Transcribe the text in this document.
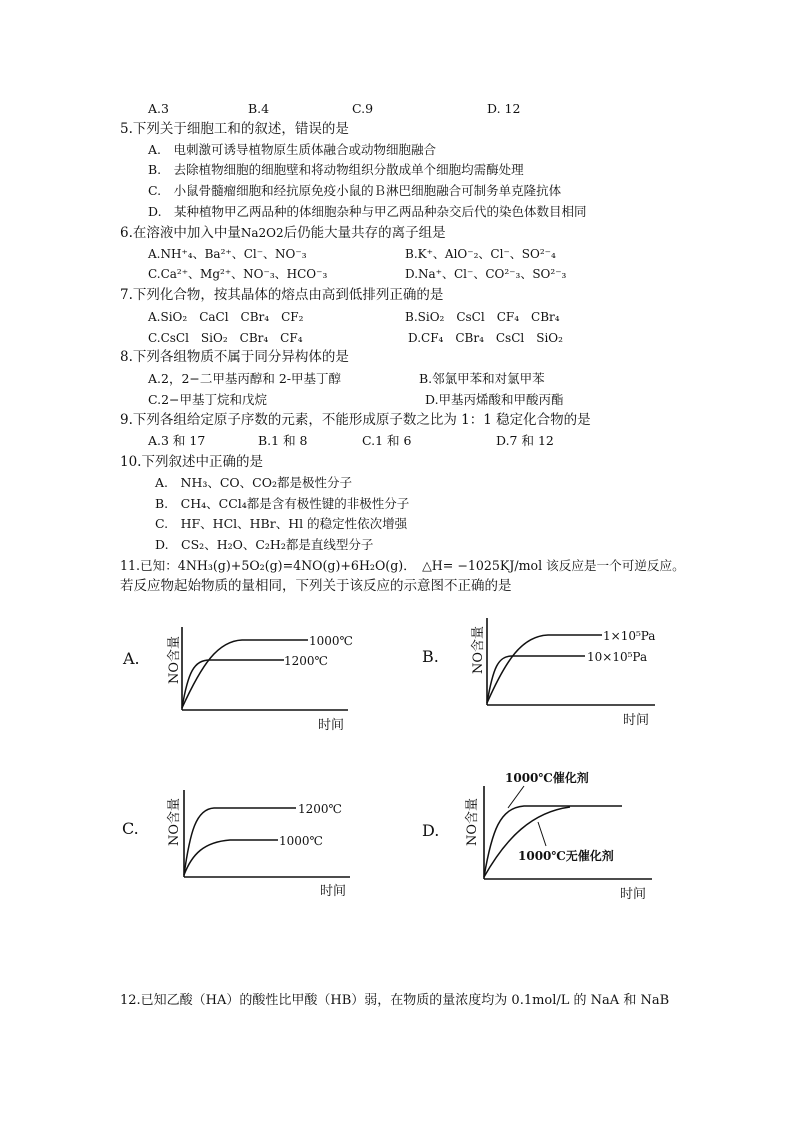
A.3	B.4	C.9	D. 12
5.下列关于细胞工和的叙述，错误的是
A.　电刺激可诱导植物原生质体融合或动物细胞融合
B.　去除植物细胞的细胞壁和将动物组织分散成单个细胞均需酶处理
C.　小鼠骨髓瘤细胞和经抗原免疫小鼠的Ｂ淋巴细胞融合可制务单克隆抗体
D.　某种植物甲乙两品种的体细胞杂种与甲乙两品种杂交后代的染色体数目相同
6.在溶液中加入中量Na2O2后仍能大量共存的离子组是
A.NH⁺₄、Ba²⁺、Cl⁻、NO⁻₃	B.K⁺、AlO⁻₂、Cl⁻、SO²⁻₄
C.Ca²⁺、Mg²⁺、NO⁻₃、HCO⁻₃	D.Na⁺、Cl⁻、CO²⁻₃、SO²⁻₃
7.下列化合物，按其晶体的熔点由高到低排列正确的是
A.SiO₂　CaCl　CBr₄　CF₂	B.SiO₂　CsCl　CF₄　CBr₄
C.CsCl　SiO₂　CBr₄　CF₄	D.CF₄　CBr₄　CsCl　SiO₂
8.下列各组物质不属于同分异构体的是
A.2，2−二甲基丙醇和 2-甲基丁醇	B.邻氯甲苯和对氯甲苯
C.2−甲基丁烷和戊烷	D.甲基丙烯酸和甲酸丙酯
9.下列各组给定原子序数的元素，不能形成原子数之比为 1：1 稳定化合物的是
A.3 和 17	B.1 和 8	C.1 和 6	D.7 和 12
10.下列叙述中正确的是
A.　NH₃、CO、CO₂都是极性分子
B.　CH₄、CCl₄都是含有极性键的非极性分子
C.　HF、HCl、HBr、Hl 的稳定性依次增强
D.　CS₂、H₂O、C₂H₂都是直线型分子
11.已知：4NH₃(g)+5O₂(g)=4NO(g)+6H₂O(g)．　△H= −1025KJ/mol 该反应是一个可逆反应。
若反应物起始物质的量相同，下列关于该反应的示意图不正确的是
A. NO含量	1000℃
1200℃
时间
B. NO含量	1×10⁵Pa
10×10⁵Pa
时间
C. NO含量	1200℃
1000℃
时间
D. NO含量
1000℃催化剂
1000℃无催化剂
时间
12.已知乙酸（HA）的酸性比甲酸（HB）弱，在物质的量浓度均为 0.1mol/L 的 NaA 和 NaB
